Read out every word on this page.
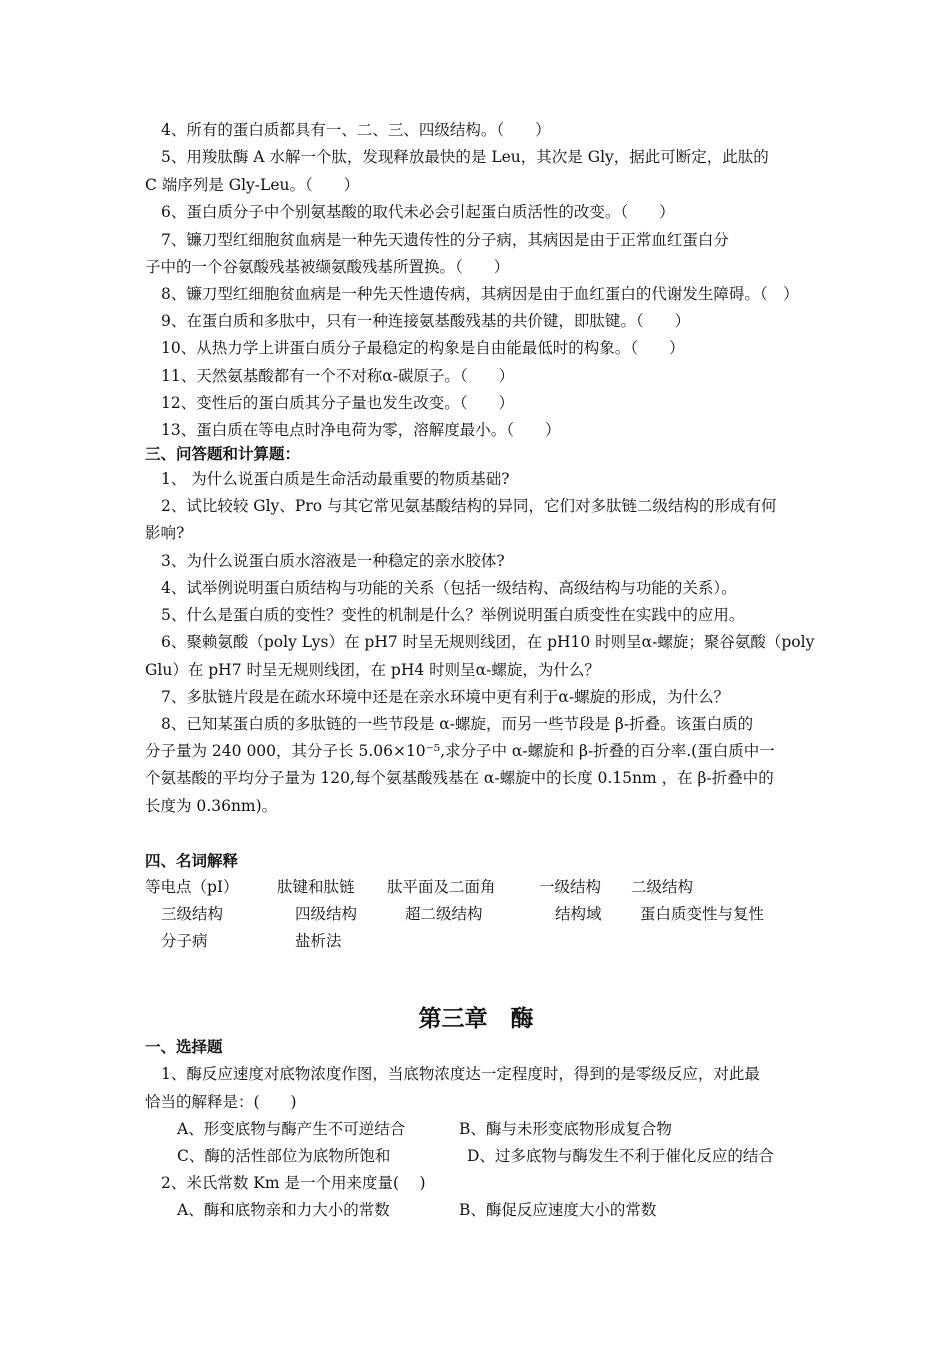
4、所有的蛋白质都具有一、二、三、四级结构。（　　）
5、用羧肽酶 A 水解一个肽，发现释放最快的是 Leu，其次是 Gly，据此可断定，此肽的
C 端序列是 Gly-Leu。（　　）
6、蛋白质分子中个别氨基酸的取代未必会引起蛋白质活性的改变。（　　）
7、镰刀型红细胞贫血病是一种先天遗传性的分子病，其病因是由于正常血红蛋白分
子中的一个谷氨酸残基被缬氨酸残基所置换。（　　）
8、镰刀型红细胞贫血病是一种先天性遗传病，其病因是由于血红蛋白的代谢发生障碍。（　）
9、在蛋白质和多肽中，只有一种连接氨基酸残基的共价键，即肽键。（　　）
10、从热力学上讲蛋白质分子最稳定的构象是自由能最低时的构象。（　　）
11、天然氨基酸都有一个不对称α-碳原子。（　　）
12、变性后的蛋白质其分子量也发生改变。（　　）
13、蛋白质在等电点时净电荷为零，溶解度最小。（　　）
三、问答题和计算题：
1、 为什么说蛋白质是生命活动最重要的物质基础?
2、试比较较 Gly、Pro 与其它常见氨基酸结构的异同，它们对多肽链二级结构的形成有何
影响?
3、为什么说蛋白质水溶液是一种稳定的亲水胶体?
4、试举例说明蛋白质结构与功能的关系（包括一级结构、高级结构与功能的关系）。
5、什么是蛋白质的变性？变性的机制是什么？举例说明蛋白质变性在实践中的应用。
6、聚赖氨酸（poly Lys）在 pH7 时呈无规则线团，在 pH10 时则呈α-螺旋；聚谷氨酸（poly
Glu）在 pH7 时呈无规则线团，在 pH4 时则呈α-螺旋，为什么？
7、多肽链片段是在疏水环境中还是在亲水环境中更有利于α-螺旋的形成，为什么？
8、已知某蛋白质的多肽链的一些节段是 α-螺旋，而另一些节段是 β-折叠。该蛋白质的
分子量为 240 000，其分子长 5.06×10⁻⁵,求分子中 α-螺旋和 β-折叠的百分率.(蛋白质中一
个氨基酸的平均分子量为 120,每个氨基酸残基在 α-螺旋中的长度 0.15nm ，在 β-折叠中的
长度为 0.36nm)。
四、名词解释
等电点（pI） 肽键和肽链 肽平面及二面角	一级结构 二级结构
三级结构	四级结构	超二级结构	结构域 蛋白质变性与复性
分子病	盐析法
第三章　酶
一、选择题
1、酶反应速度对底物浓度作图，当底物浓度达一定程度时，得到的是零级反应，对此最
恰当的解释是：(　　)
A、形变底物与酶产生不可逆结合	B、酶与未形变底物形成复合物
C、酶的活性部位为底物所饱和	D、过多底物与酶发生不利于催化反应的结合
2、米氏常数 Km 是一个用来度量(　 )
A、酶和底物亲和力大小的常数	B、酶促反应速度大小的常数
